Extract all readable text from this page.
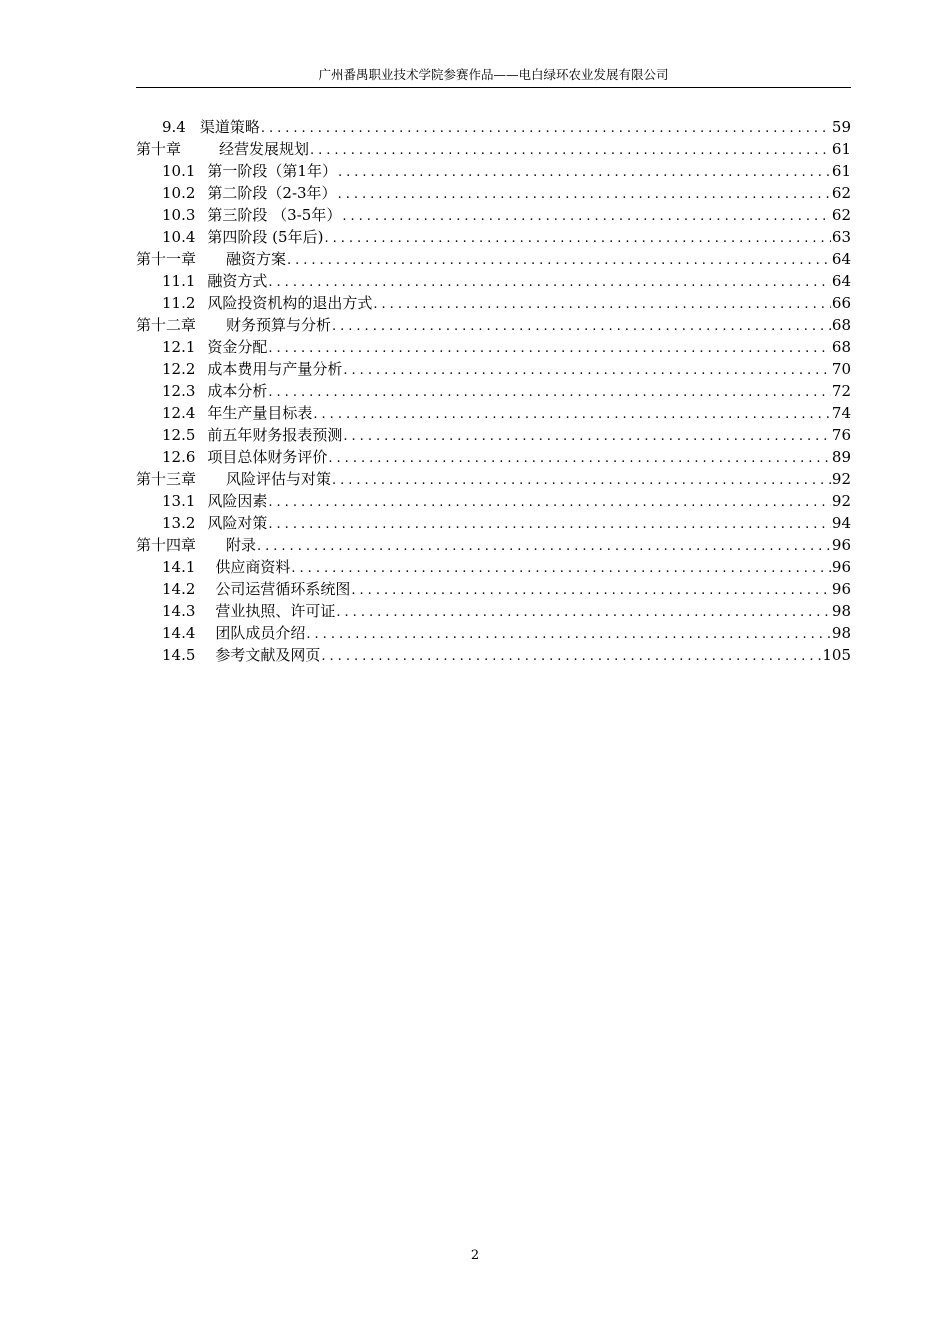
广州番禺职业技术学院参赛作品——电白绿环农业发展有限公司
9.4 渠道策略 .....	59
第十章	经营发展规划 .....	61
10.1 第一阶段（第1年） .....	61
10.2 第二阶段（2-3年） .....	62
10.3 第三阶段 （3-5年） .....	62
10.4 第四阶段 (5年后) .....	63
第十一章 融资方案 .....	64
11.1 融资方式 .....	64
11.2 风险投资机构的退出方式 .....	66
第十二章 财务预算与分析 .....	68
12.1 资金分配 .....	68
12.2 成本费用与产量分析 .....	70
12.3 成本分析 .....	72
12.4 年生产量目标表 .....	74
12.5 前五年财务报表预测 .....	76
12.6 项目总体财务评价 .....	89
第十三章 风险评估与对策 .....	92
13.1 风险因素 .....	92
13.2 风险对策 .....	94
第十四章 附录 .....	96
14.1 供应商资料 .....	96
14.2 公司运营循环系统图 .....	96
14.3 营业执照、许可证 .....	98
14.4 团队成员介绍 .....	98
14.5 参考文献及网页 .....	105
2
